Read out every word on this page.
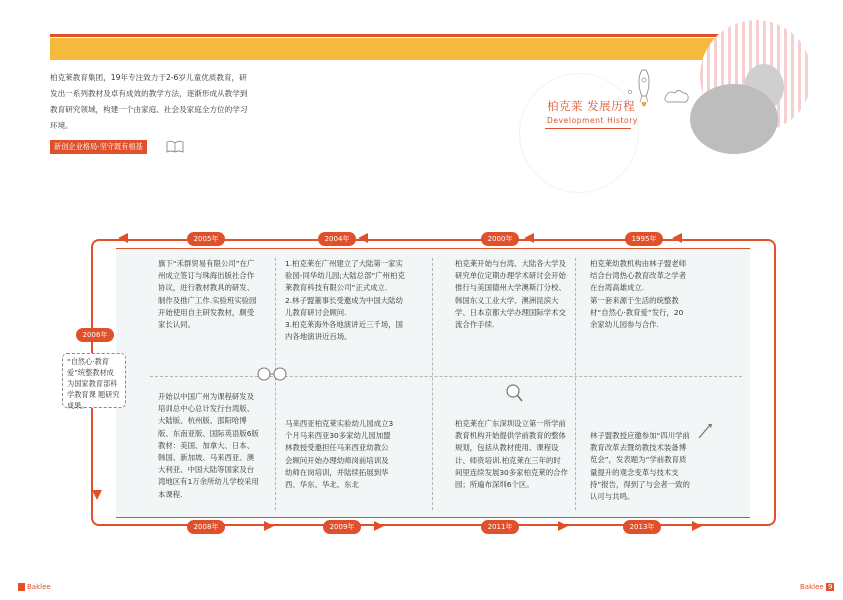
柏克莱教育集团，19年专注致力于2-6岁儿童优质教育，研发出一系列教材及卓有成效的教学方法，逐渐形成从教学到教育研究领域，构建一个由家庭、社会及家庭全方位的学习环境。
新创企业格局-坚守既有根基
柏克莱 发展历程
Development History
2005年	2004年	2000年	1995年
2008年	2009年	2011年	2013年
2006年
“自然心·教育爱”统整教材成为国家教育部科学教育课 题研究成果。
旗下“禾群贸易有限公司”在广州成立签订与珠海出版社合作协议，进行教材教具的研发、制作及推广工作.实验班实验园开始使用自主研发教材，颇受家长认同。
1.柏克莱在广州建立了大陆第一家实验园-同华幼儿园;大陆总部“广州柏克莱教育科技有限公司”正式成立.
2.林子盟董事长受邀成为中国大陆幼儿教育研讨会顾问.
3.柏克莱海外各地演讲近三千场，国内各地演讲近百场。
柏克莱开始与台湾、大陆各大学及研究单位定期办理学术研讨会开始推行与美国德州大学澳斯汀分校、韩国东义工业大学、澳洲昆滨大学、日本京都大学办理国际学术交流合作手续.
柏克莱幼教机构由林子盟老师结合台湾热心教育改革之学者在台湾高雄成立.
第一套来源于生活的统整教材“自然心·教育爱”发行，20余家幼儿园参与合作.
开始以中国广州为课程研发及培训总中心总计发行台湾版、大陆版、杭州版、邵阳哈博版、东南亚版、国际英语版6版教材：美国、加拿大、日本、韩国、新加坡、马来西亚、澳大利亚、中国大陆等国家及台湾地区有1万余所幼儿学校采用本课程.
马来西亚柏克莱实验幼儿园成立3个月马来西亚30多家幼儿园加盟林教授受邀担任马来西亚幼教公会顾问开始办理幼师岗前培训及幼师在岗培训，并陆续拓展到华西、华东、华北、东北
柏克莱在广东深圳设立第一所学前教育机构开始提供学前教育的整体规划，包括从教材使用、课程设计、师资培训.柏克莱在三年的时间里连续发展30多家柏克莱的合作园；所遍布深圳6个区。
林子盟教授应邀参加“四川学前教育改革去暨幼教技术装备博览会”，发表题为“学前教育质量提升的观念变革与技术支持”报告，得到了与会者一致的认可与共鸣。
Baklee	Baklee 9
